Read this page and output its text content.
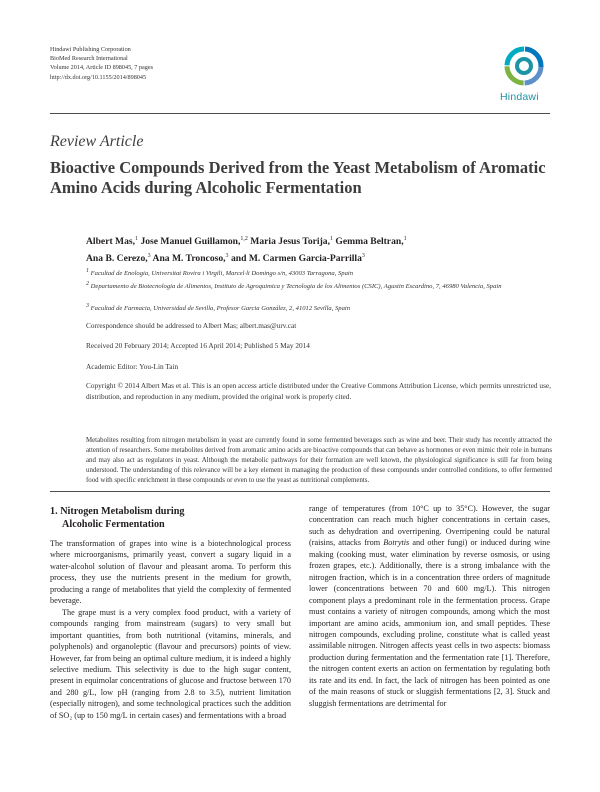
Hindawi Publishing Corporation
BioMed Research International
Volume 2014, Article ID 898045, 7 pages
http://dx.doi.org/10.1155/2014/898045
Hindawi
Review Article
Bioactive Compounds Derived from the Yeast Metabolism of Aromatic Amino Acids during Alcoholic Fermentation
Albert Mas,$^1$ Jose Manuel Guillamon,$^{1,2}$ Maria Jesus Torija,$^1$ Gemma Beltran,$^1$
Ana B. Cerezo,$^3$ Ana M. Troncoso,$^3$ and M. Carmen Garcia-Parrilla$^3$
$^1$ Facultad de Enologia, Universitat Rovira i Virgili, Marcel·li Domingo s/n, 43003 Tarragona, Spain
$^2$ Departamento de Biotecnologia de Alimentos, Instituto de Agroquimica y Tecnologia de los Alimentos (CSIC), Agustin Escardino, 7, 46980 Valencia, Spain
$^3$ Facultad de Farmacia, Universidad de Sevilla, Profesor Garcia González, 2, 41012 Sevilla, Spain
Correspondence should be addressed to Albert Mas; albert.mas@urv.cat
Received 20 February 2014; Accepted 16 April 2014; Published 5 May 2014
Academic Editor: You-Lin Tain
Copyright © 2014 Albert Mas et al. This is an open access article distributed under the Creative Commons Attribution License, which permits unrestricted use, distribution, and reproduction in any medium, provided the original work is properly cited.
Metabolites resulting from nitrogen metabolism in yeast are currently found in some fermented beverages such as wine and beer. Their study has recently attracted the attention of researchers. Some metabolites derived from aromatic amino acids are bioactive compounds that can behave as hormones or even mimic their role in humans and may also act as regulators in yeast. Although the metabolic pathways for their formation are well known, the physiological significance is still far from being understood. The understanding of this relevance will be a key element in managing the production of these compounds under controlled conditions, to offer fermented food with specific enrichment in these compounds or even to use the yeast as nutritional complements.
1. Nitrogen Metabolism during
Alcoholic Fermentation

The transformation of grapes into wine is a biotechnological process where microorganisms, primarily yeast, convert a sugary liquid in a water-alcohol solution of flavour and pleasant aroma. To perform this process, they use the nutrients present in the medium for growth, producing a range of metabolites that yield the complexity of fermented beverage.

The grape must is a very complex food product, with a variety of compounds ranging from mainstream (sugars) to very small but important quantities, from both nutritional (vitamins, minerals, and polyphenols) and organoleptic (flavour and precursors) points of view. However, far from being an optimal culture medium, it is indeed a highly selective medium. This selectivity is due to the high sugar content, present in equimolar concentrations of glucose and fructose between 170 and 280 g/L, low pH (ranging from 2.8 to 3.5), nutrient limitation (especially nitrogen), and some technological practices such the addition of SO₂ (up to 150 mg/L in certain cases) and fermentations with a broad

range of temperatures (from 10°C up to 35°C). However, the sugar concentration can reach much higher concentrations in certain cases, such as dehydration and overripening. Overripening could be natural (raisins, attacks from Botrytis and other fungi) or induced during wine making (cooking must, water elimination by reverse osmosis, or using frozen grapes, etc.). Additionally, there is a strong imbalance with the nitrogen fraction, which is in a concentration three orders of magnitude lower (concentrations between 70 and 600 mg/L). This nitrogen component plays a predominant role in the fermentation process. Grape must contains a variety of nitrogen compounds, among which the most important are amino acids, ammonium ion, and small peptides. These nitrogen compounds, excluding proline, constitute what is called yeast assimilable nitrogen. Nitrogen affects yeast cells in two aspects: biomass production during fermentation and the fermentation rate [1]. Therefore, the nitrogen content exerts an action on fermentation by regulating both its rate and its end. In fact, the lack of nitrogen has been pointed as one of the main reasons of stuck or sluggish fermentations [2, 3]. Stuck and sluggish fermentations are detrimental for
